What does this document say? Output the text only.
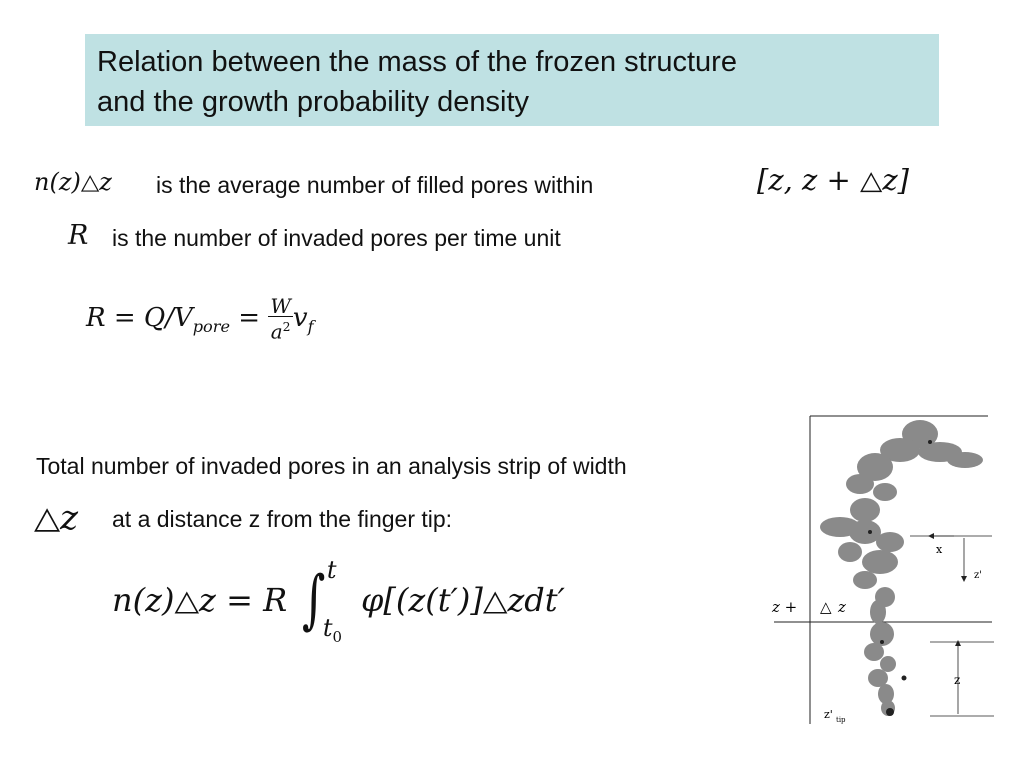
Relation between the mass of the frozen structure
and the growth probability density
n(z)△z is the average number of filled pores within	[z, z + △z]
R is the number of invaded pores per time unit
$R = Q/V_{pore} = \frac{W}{a^2} v_f$
Total number of invaded pores in an analysis strip of width
△z at a distance z from the finger tip:
n(z)△z = R ∫ t
$t_0$
φ[(z(t′)]△zdt′
x
z'
z + △ z
z
z' tip
